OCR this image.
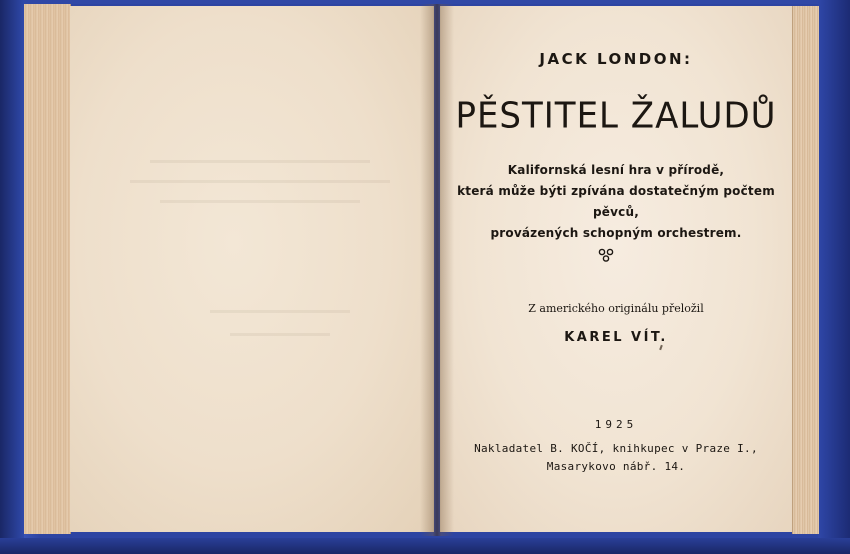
JACK LONDON:
PĚSTITEL ŽALUDŮ
Kalifornská lesní hra v přírodě,
která může býti zpívána dostatečným počtem pěvců,
provázených schopným orchestrem.
Z amerického originálu přeložil
KAREL VÍT.
1925
Nakladatel B. KOČÍ, knihkupec v Praze I.,
Masarykovo nábř. 14.
